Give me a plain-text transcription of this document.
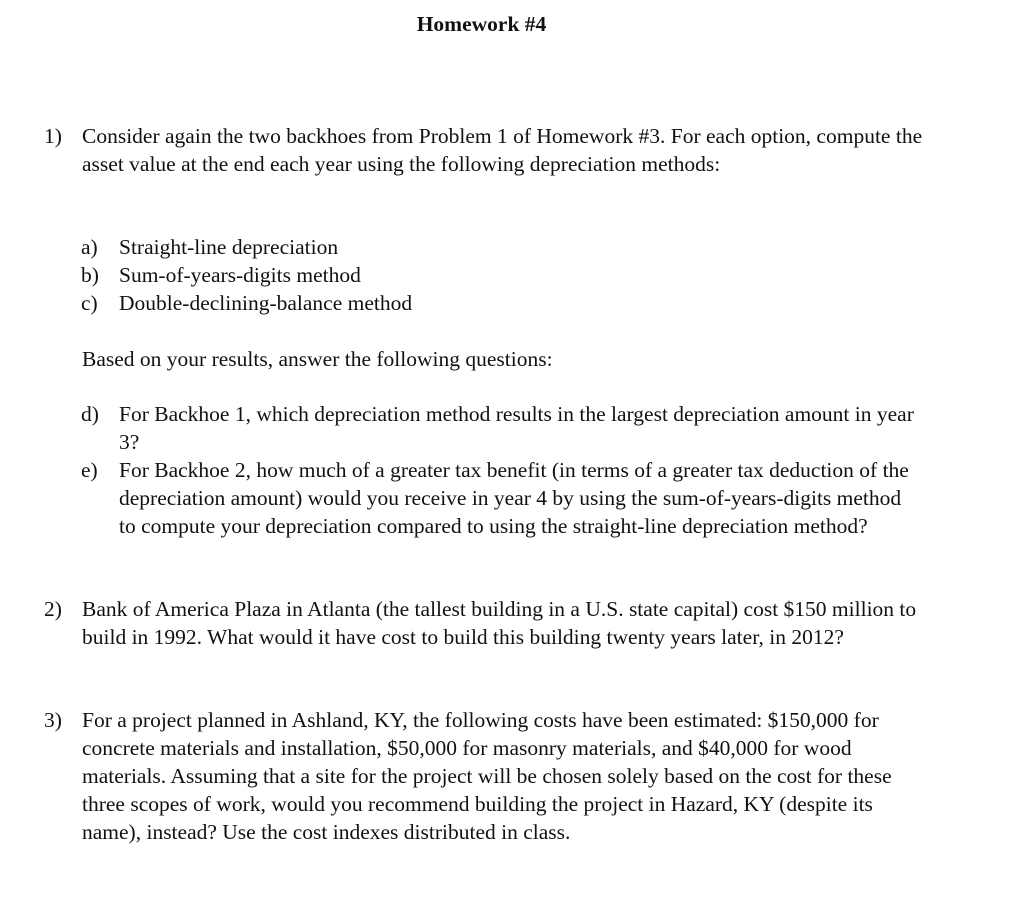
Homework #4
1) Consider again the two backhoes from Problem 1 of Homework #3. For each option, compute the asset value at the end each year using the following depreciation methods:
a) Straight-line depreciation
b) Sum-of-years-digits method
c) Double-declining-balance method
Based on your results, answer the following questions:
d) For Backhoe 1, which depreciation method results in the largest depreciation amount in year 3?
e) For Backhoe 2, how much of a greater tax benefit (in terms of a greater tax deduction of the depreciation amount) would you receive in year 4 by using the sum-of-years-digits method to compute your depreciation compared to using the straight-line depreciation method?
2) Bank of America Plaza in Atlanta (the tallest building in a U.S. state capital) cost $150 million to build in 1992. What would it have cost to build this building twenty years later, in 2012?
3) For a project planned in Ashland, KY, the following costs have been estimated: $150,000 for concrete materials and installation, $50,000 for masonry materials, and $40,000 for wood materials. Assuming that a site for the project will be chosen solely based on the cost for these three scopes of work, would you recommend building the project in Hazard, KY (despite its name), instead? Use the cost indexes distributed in class.
